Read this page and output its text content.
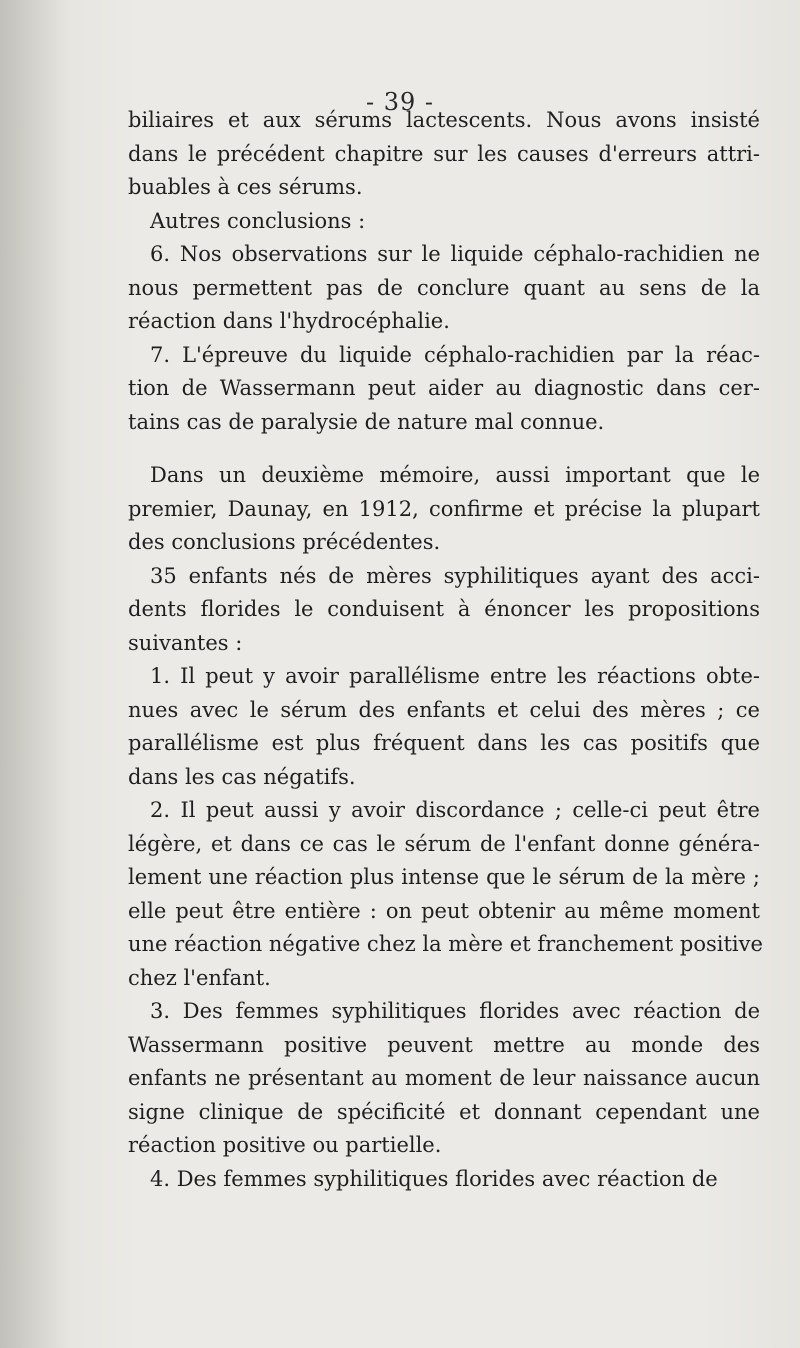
- 39 -
biliaires et aux sérums lactescents. Nous avons insisté
dans le précédent chapitre sur les causes d'erreurs attri-
buables à ces sérums.
Autres conclusions :
6. Nos observations sur le liquide céphalo-rachidien ne
nous permettent pas de conclure quant au sens de la
réaction dans l'hydrocéphalie.
7. L'épreuve du liquide céphalo-rachidien par la réac-
tion de Wassermann peut aider au diagnostic dans cer-
tains cas de paralysie de nature mal connue.
Dans un deuxième mémoire, aussi important que le
premier, Daunay, en 1912, confirme et précise la plupart
des conclusions précédentes.
35 enfants nés de mères syphilitiques ayant des acci-
dents florides le conduisent à énoncer les propositions
suivantes :
1. Il peut y avoir parallélisme entre les réactions obte-
nues avec le sérum des enfants et celui des mères ; ce
parallélisme est plus fréquent dans les cas positifs que
dans les cas négatifs.
2. Il peut aussi y avoir discordance ; celle-ci peut être
légère, et dans ce cas le sérum de l'enfant donne généra-
lement une réaction plus intense que le sérum de la mère ;
elle peut être entière : on peut obtenir au même moment
une réaction négative chez la mère et franchement positive
chez l'enfant.
3. Des femmes syphilitiques florides avec réaction de
Wassermann positive peuvent mettre au monde des
enfants ne présentant au moment de leur naissance aucun
signe clinique de spécificité et donnant cependant une
réaction positive ou partielle.
4. Des femmes syphilitiques florides avec réaction de
